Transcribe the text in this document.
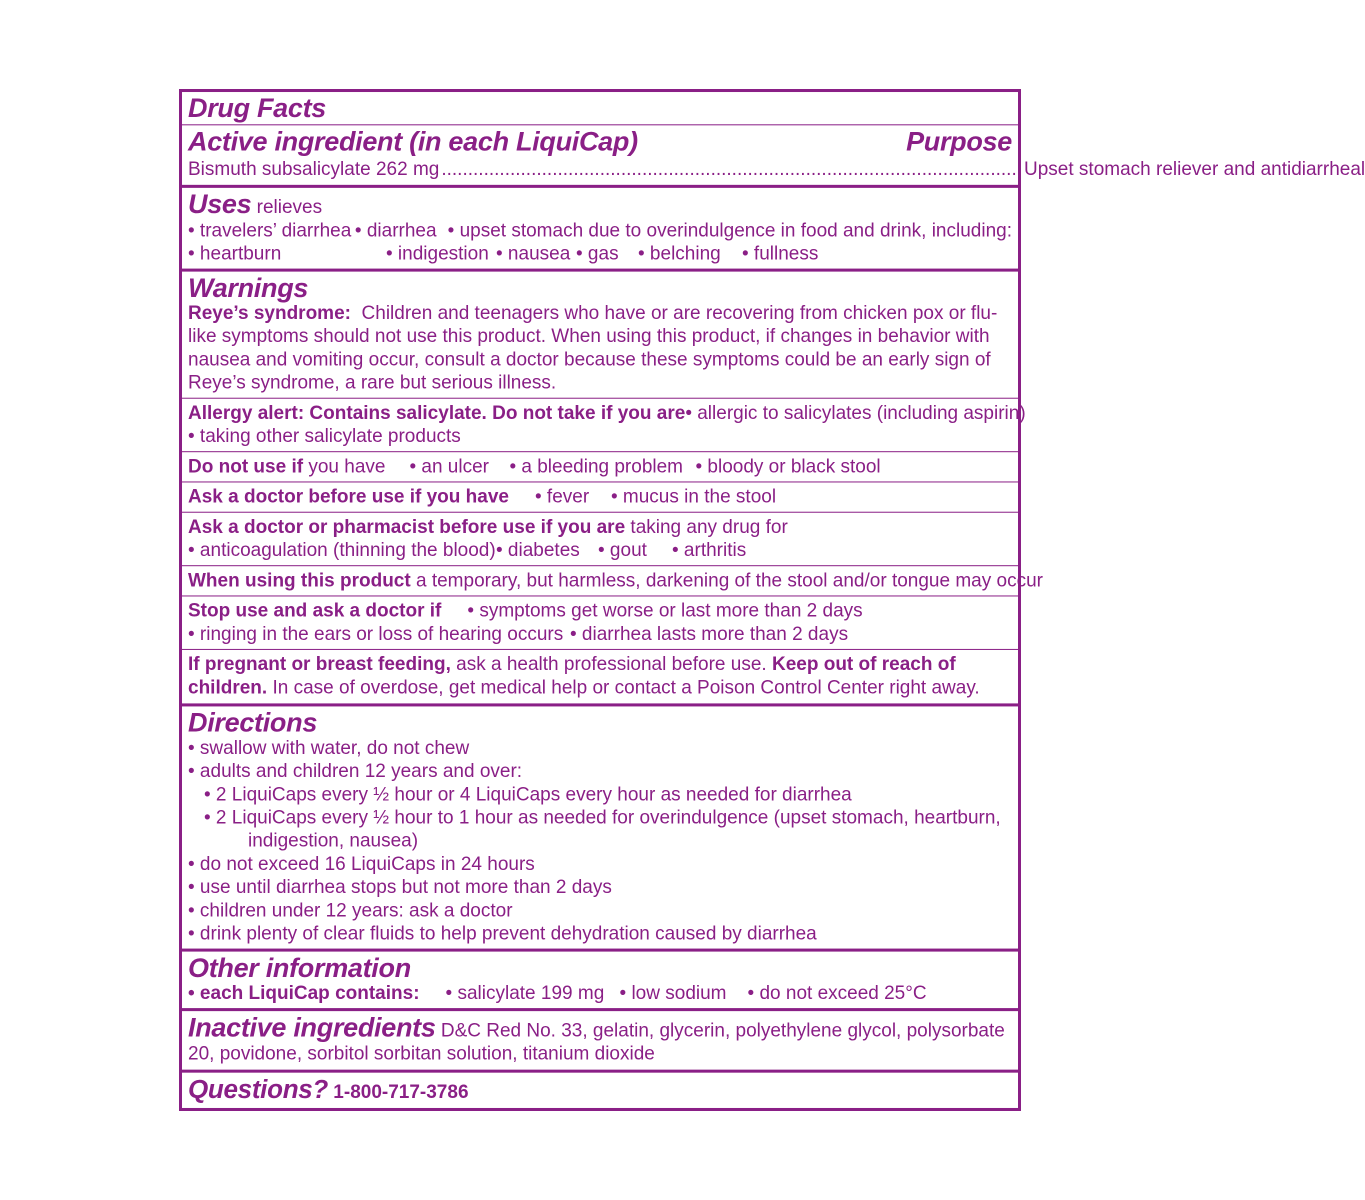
Drug Facts
Active ingredient (in each LiquiCap)	Purpose
Bismuth subsalicylate 262 mg .............................................................................................................. Upset stomach reliever and antidiarrheal
Uses relieves
• travelers’ diarrhea • diarrhea • upset stomach due to overindulgence in food and drink, including:
• heartburn	• indigestion • nausea • gas	• belching	• fullness
Warnings
Reye’s syndrome:  Children and teenagers who have or are recovering from chicken pox or flu-like symptoms should not use this product. When using this product, if changes in behavior with nausea and vomiting occur, consult a doctor because these symptoms could be an early sign of Reye’s syndrome, a rare but serious illness.
Allergy alert: Contains salicylate. Do not take if you are • allergic to salicylates (including aspirin)
• taking other salicylate products
Do not use if you have • an ulcer	• a bleeding problem • bloody or black stool
Ask a doctor before use if you have • fever	• mucus in the stool
Ask a doctor or pharmacist before use if you are taking any drug for
• anticoagulation (thinning the blood) • diabetes • gout	• arthritis
When using this product a temporary, but harmless, darkening of the stool and/or tongue may occur
Stop use and ask a doctor if • symptoms get worse or last more than 2 days
• ringing in the ears or loss of hearing occurs • diarrhea lasts more than 2 days
If pregnant or breast feeding, ask a health professional before use. Keep out of reach of children. In case of overdose, get medical help or contact a Poison Control Center right away.
Directions
• swallow with water, do not chew
• adults and children 12 years and over:
• 2 LiquiCaps every ½ hour or 4 LiquiCaps every hour as needed for diarrhea
• 2 LiquiCaps every ½ hour to 1 hour as needed for overindulgence (upset stomach, heartburn,
indigestion, nausea)
• do not exceed 16 LiquiCaps in 24 hours
• use until diarrhea stops but not more than 2 days
• children under 12 years: ask a doctor
• drink plenty of clear fluids to help prevent dehydration caused by diarrhea
Other information
• each LiquiCap contains: • salicylate 199 mg • low sodium	• do not exceed 25°C
Inactive ingredients D&C Red No. 33, gelatin, glycerin, polyethylene glycol, polysorbate 20, povidone, sorbitol sorbitan solution, titanium dioxide
Questions? 1-800-717-3786
